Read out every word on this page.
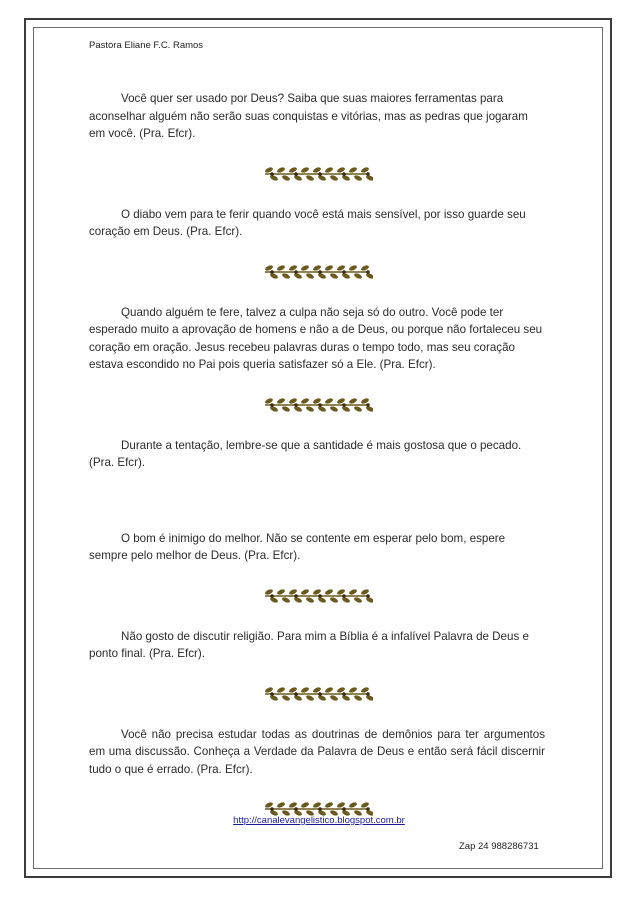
Pastora Eliane F.C. Ramos

Você quer ser usado por Deus? Saiba que suas maiores ferramentas para aconselhar alguém não serão suas conquistas e vitórias, mas as pedras que jogaram em você. (Pra. Efcr).

O diabo vem para te ferir quando você está mais sensível, por isso guarde seu coração em Deus. (Pra. Efcr).

Quando alguém te fere, talvez a culpa não seja só do outro. Você pode ter esperado muito a aprovação de homens e não a de Deus, ou porque não fortaleceu seu coração em oração. Jesus recebeu palavras duras o tempo todo, mas seu coração estava escondido no Pai pois queria satisfazer só a Ele. (Pra. Efcr).

Durante a tentação, lembre-se que a santidade é mais gostosa que o pecado. (Pra. Efcr).

O bom é inimigo do melhor. Não se contente em esperar pelo bom, espere sempre pelo melhor de Deus. (Pra. Efcr).

Não gosto de discutir religião. Para mim a Bíblia é a infalível Palavra de Deus e ponto final. (Pra. Efcr).

Você não precisa estudar todas as doutrinas de demônios para ter argumentos em uma discussão. Conheça a Verdade da Palavra de Deus e então será fácil discernir tudo o que é errado. (Pra. Efcr).

http://canalevangelistico.blogspot.com.br
Zap 24 988286731
